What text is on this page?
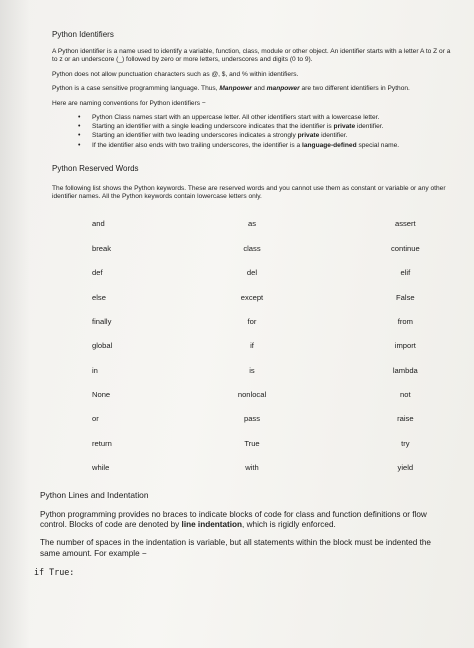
Python Identifiers

A Python identifier is a name used to identify a variable, function, class, module or other object. An identifier starts with a letter A to Z or a to z or an underscore (_) followed by zero or more letters, underscores and digits (0 to 9).

Python does not allow punctuation characters such as @, $, and % within identifiers.

Python is a case sensitive programming language. Thus, Manpower and manpower are two different identifiers in Python.

Here are naming conventions for Python identifiers −

• Python Class names start with an uppercase letter. All other identifiers start with a lowercase letter.
• Starting an identifier with a single leading underscore indicates that the identifier is private identifier.
• Starting an identifier with two leading underscores indicates a strongly private identifier.
• If the identifier also ends with two trailing underscores, the identifier is a language-defined special name.
Python Reserved Words

The following list shows the Python keywords. These are reserved words and you cannot use them as constant or variable or any other identifier names. All the Python keywords contain lowercase letters only.

and	as	assert
break	class	continue
def	del	elif
else	except	False
finally	for	from
global	if	import
in	is	lambda
None	nonlocal	not
or	pass	raise
return	True	try
while	with	yield
Python Lines and Indentation

Python programming provides no braces to indicate blocks of code for class and function definitions or flow control. Blocks of code are denoted by line indentation, which is rigidly enforced.

The number of spaces in the indentation is variable, but all statements within the block must be indented the same amount. For example −

if True:
